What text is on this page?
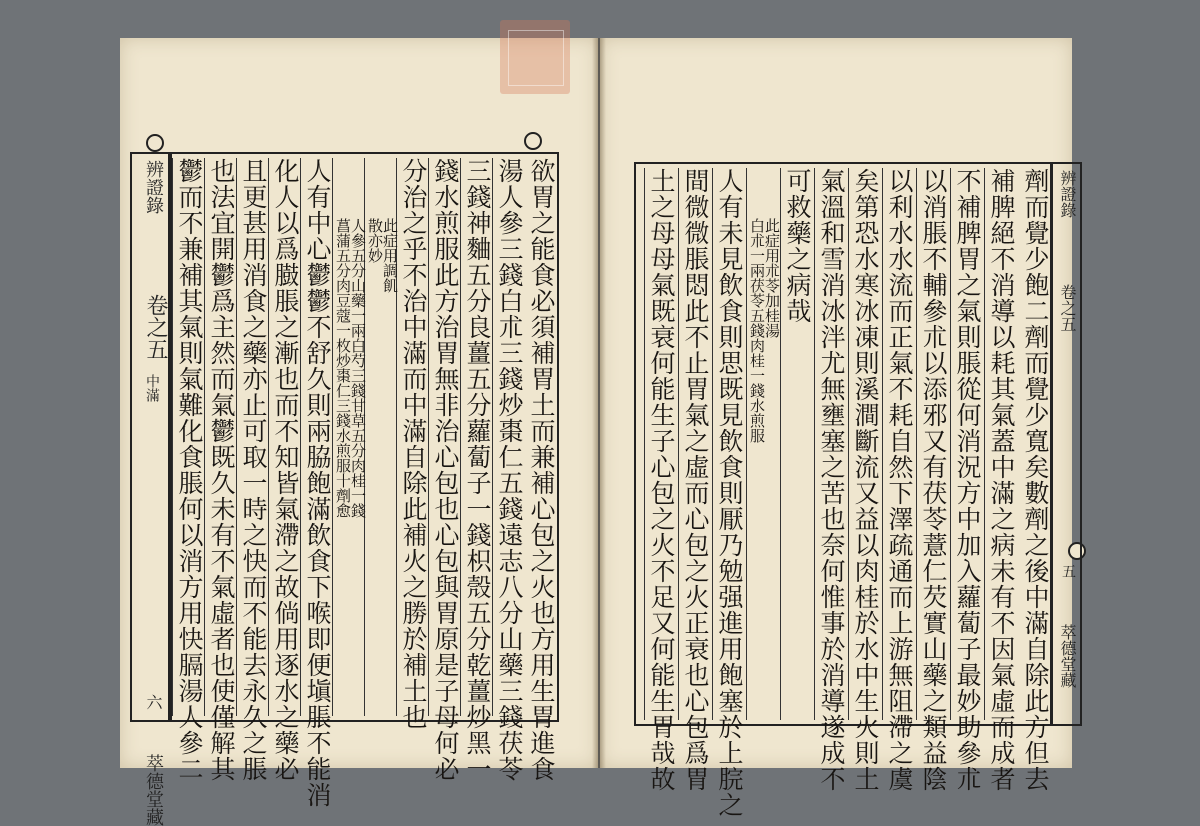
辨證錄
卷之五
中滿
六
萃德堂藏
欲胃之能食必須補胃土而兼補心包之火也方用生胃進食
湯人參三錢白朮三錢炒棗仁五錢遠志八分山藥三錢茯苓
三錢神麯五分良薑五分蘿蔔子一錢枳殼五分乾薑炒黑一
錢水煎服此方治胃無非治心包也心包與胃原是子母何必
分治之乎不治中滿而中滿自除此補火之勝於補土也
此症用調飢
散亦妙
人參五分山藥一兩白芍三錢甘草五分肉桂一錢
菖蒲五分肉豆蔻一枚炒棗仁三錢水煎服十劑愈
人有中心鬱鬱不舒久則兩脇飽滿飲食下喉即便塡脹不能消
化人以爲臌脹之漸也而不知皆氣滯之故倘用逐水之藥必
且更甚用消食之藥亦止可取一時之快而不能去永久之脹
也法宜開鬱爲主然而氣鬱既久未有不氣虛者也使僅解其
鬱而不兼補其氣則氣難化食脹何以消方用快膈湯人參二	劑而覺少飽二劑而覺少寬矣數劑之後中滿自除此方但去
補脾絕不消導以耗其氣蓋中滿之病未有不因氣虛而成者
不補脾胃之氣則脹從何消況方中加入蘿蔔子最妙助參朮
以消脹不輔參朮以添邪又有茯苓薏仁芡實山藥之類益陰
以利水水流而正氣不耗自然下澤疏通而上游無阻滯之虞
矣第恐水寒冰凍則溪澗斷流又益以肉桂於水中生火則土
氣溫和雪消冰泮尤無壅塞之苦也奈何惟事於消導遂成不
可救藥之病哉
此症用朮苓加桂湯
白朮一兩茯苓五錢肉桂一錢水煎服
人有未見飲食則思既見飲食則厭乃勉强進用飽塞於上脘之
間微微脹悶此不止胃氣之虛而心包之火正衰也心包爲胃
土之母母氣既衰何能生子心包之火不足又何能生胃哉故	辨證錄
卷之五
五
萃德堂藏
